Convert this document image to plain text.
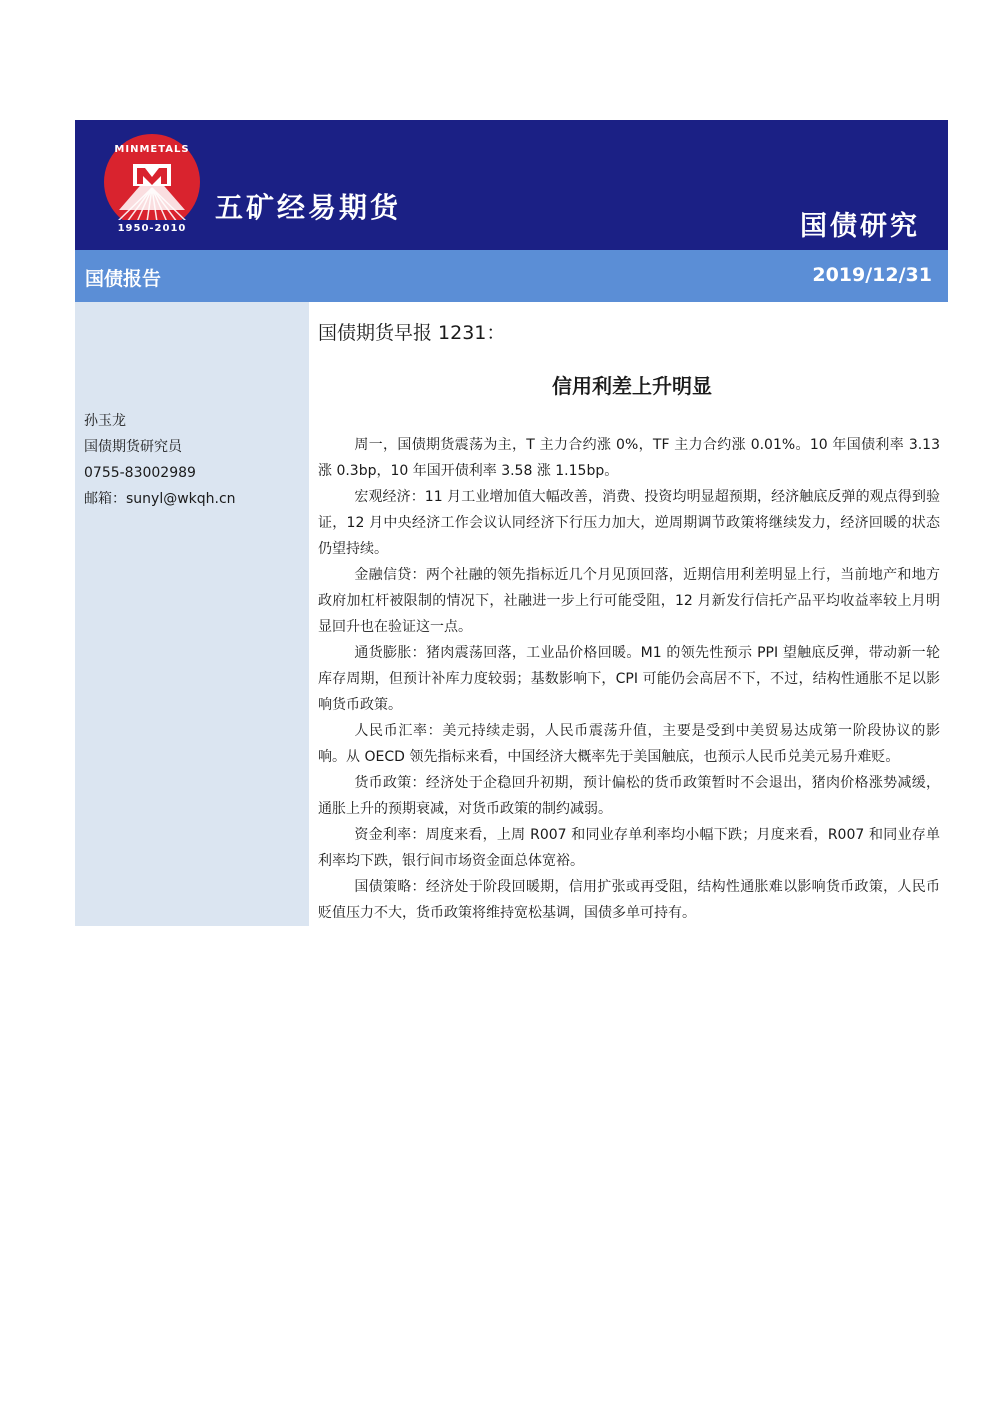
MINMETALS
1950-2010
五矿经易期货
国债研究
国债报告	2019/12/31
孙玉龙
国债期货研究员
0755-83002989
邮箱：sunyl@wkqh.cn
国债期货早报 1231：
信用利差上升明显

周一，国债期货震荡为主，T 主力合约涨 0%，TF 主力合约涨 0.01%。10 年国债利率 3.13 涨 0.3bp，10 年国开债利率 3.58 涨 1.15bp。

宏观经济：11 月工业增加值大幅改善，消费、投资均明显超预期，经济触底反弹的观点得到验证，12 月中央经济工作会议认同经济下行压力加大，逆周期调节政策将继续发力，经济回暖的状态仍望持续。

金融信贷：两个社融的领先指标近几个月见顶回落，近期信用利差明显上行，当前地产和地方政府加杠杆被限制的情况下，社融进一步上行可能受阻，12 月新发行信托产品平均收益率较上月明显回升也在验证这一点。

通货膨胀：猪肉震荡回落，工业品价格回暖。M1 的领先性预示 PPI 望触底反弹，带动新一轮库存周期，但预计补库力度较弱；基数影响下，CPI 可能仍会高居不下，不过，结构性通胀不足以影响货币政策。

人民币汇率：美元持续走弱，人民币震荡升值，主要是受到中美贸易达成第一阶段协议的影响。从 OECD 领先指标来看，中国经济大概率先于美国触底，也预示人民币兑美元易升难贬。

货币政策：经济处于企稳回升初期，预计偏松的货币政策暂时不会退出，猪肉价格涨势减缓，通胀上升的预期衰减，对货币政策的制约减弱。

资金利率：周度来看，上周 R007 和同业存单利率均小幅下跌；月度来看，R007 和同业存单利率均下跌，银行间市场资金面总体宽裕。

国债策略：经济处于阶段回暖期，信用扩张或再受阻，结构性通胀难以影响货币政策，人民币贬值压力不大，货币政策将维持宽松基调，国债多单可持有。
